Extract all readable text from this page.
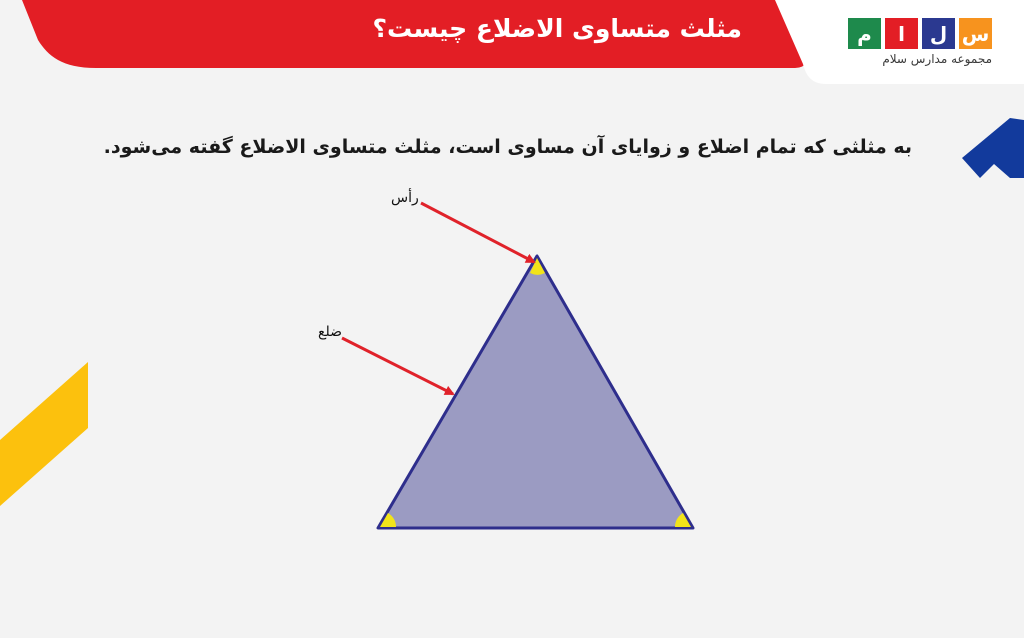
مثلث متساوی الاضلاع چیست؟	م	ا	ل س
مجموعه مدارس سلام
به مثلثی که تمام اضلاع و زوایای آن مساوی است، مثلث متساوی الاضلاع گفته می‌شود.
رأس
ضلع
